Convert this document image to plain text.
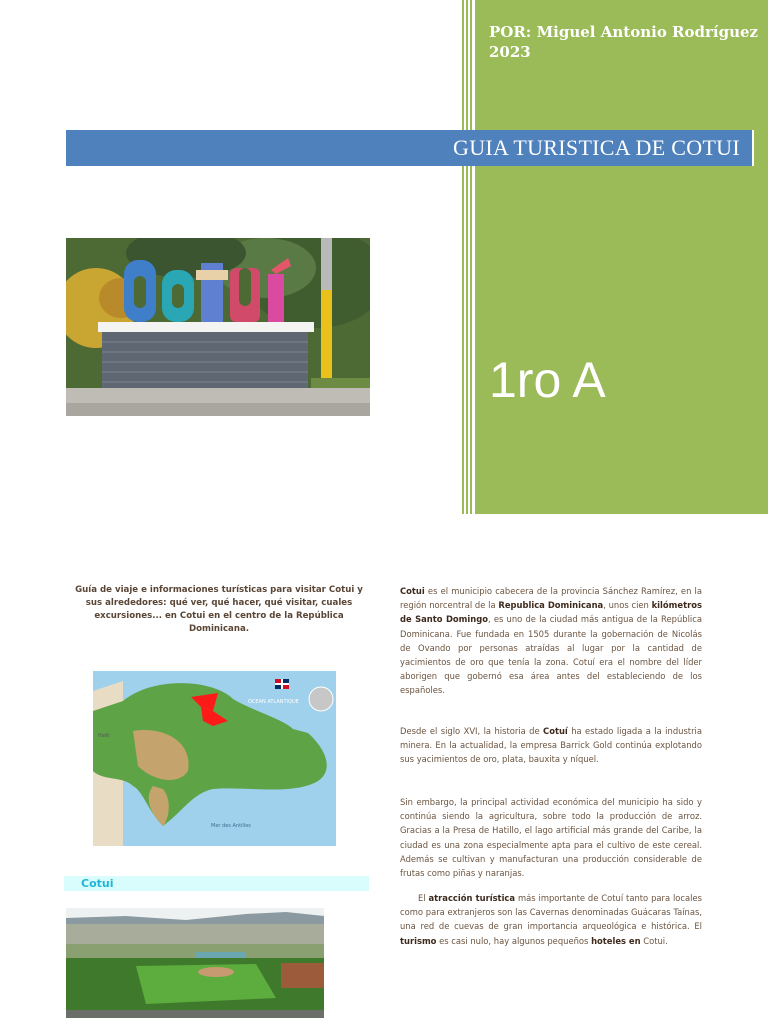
POR: Miguel Antonio Rodríguez
2023
1ro A
GUIA TURISTICA DE COTUI
Guía de viaje e informaciones turísticas para visitar Cotui y sus alrededores: qué ver, qué hacer, qué visitar, cuales excursiones... en Cotui en el centro de la República Dominicana.
OCEAN ATLANTIQUE
Mer des Antilles
Haïti
Cotui
Cotui es el municipio cabecera de la provincia Sánchez Ramírez, en la región norcentral de la Republica Dominicana, unos cien kilómetros de Santo Domingo, es uno de la ciudad más antigua de la República Dominicana. Fue fundada en 1505 durante la gobernación de Nicolás de Ovando por personas atraídas al lugar por la cantidad de yacimientos de oro que tenía la zona. Cotuí era el nombre del líder aborigen que gobernó esa área antes del estableciendo de los españoles.
Desde el siglo XVI, la historia de Cotuí ha estado ligada a la industria minera. En la actualidad, la empresa Barrick Gold continúa explotando sus yacimientos de oro, plata, bauxita y níquel.
Sin embargo, la principal actividad económica del municipio ha sido y continúa siendo la agricultura, sobre todo la producción de arroz. Gracias a la Presa de Hatillo, el lago artificial más grande del Caribe, la ciudad es una zona especialmente apta para el cultivo de este cereal. Además se cultivan y manufacturan una producción considerable de frutas como piñas y naranjas.
El atracción turística más importante de Cotuí tanto para locales como para extranjeros son las Cavernas denominadas Guácaras Taínas, una red de cuevas de gran importancia arqueológica e histórica. El turismo es casi nulo, hay algunos pequeños hoteles en Cotui.
